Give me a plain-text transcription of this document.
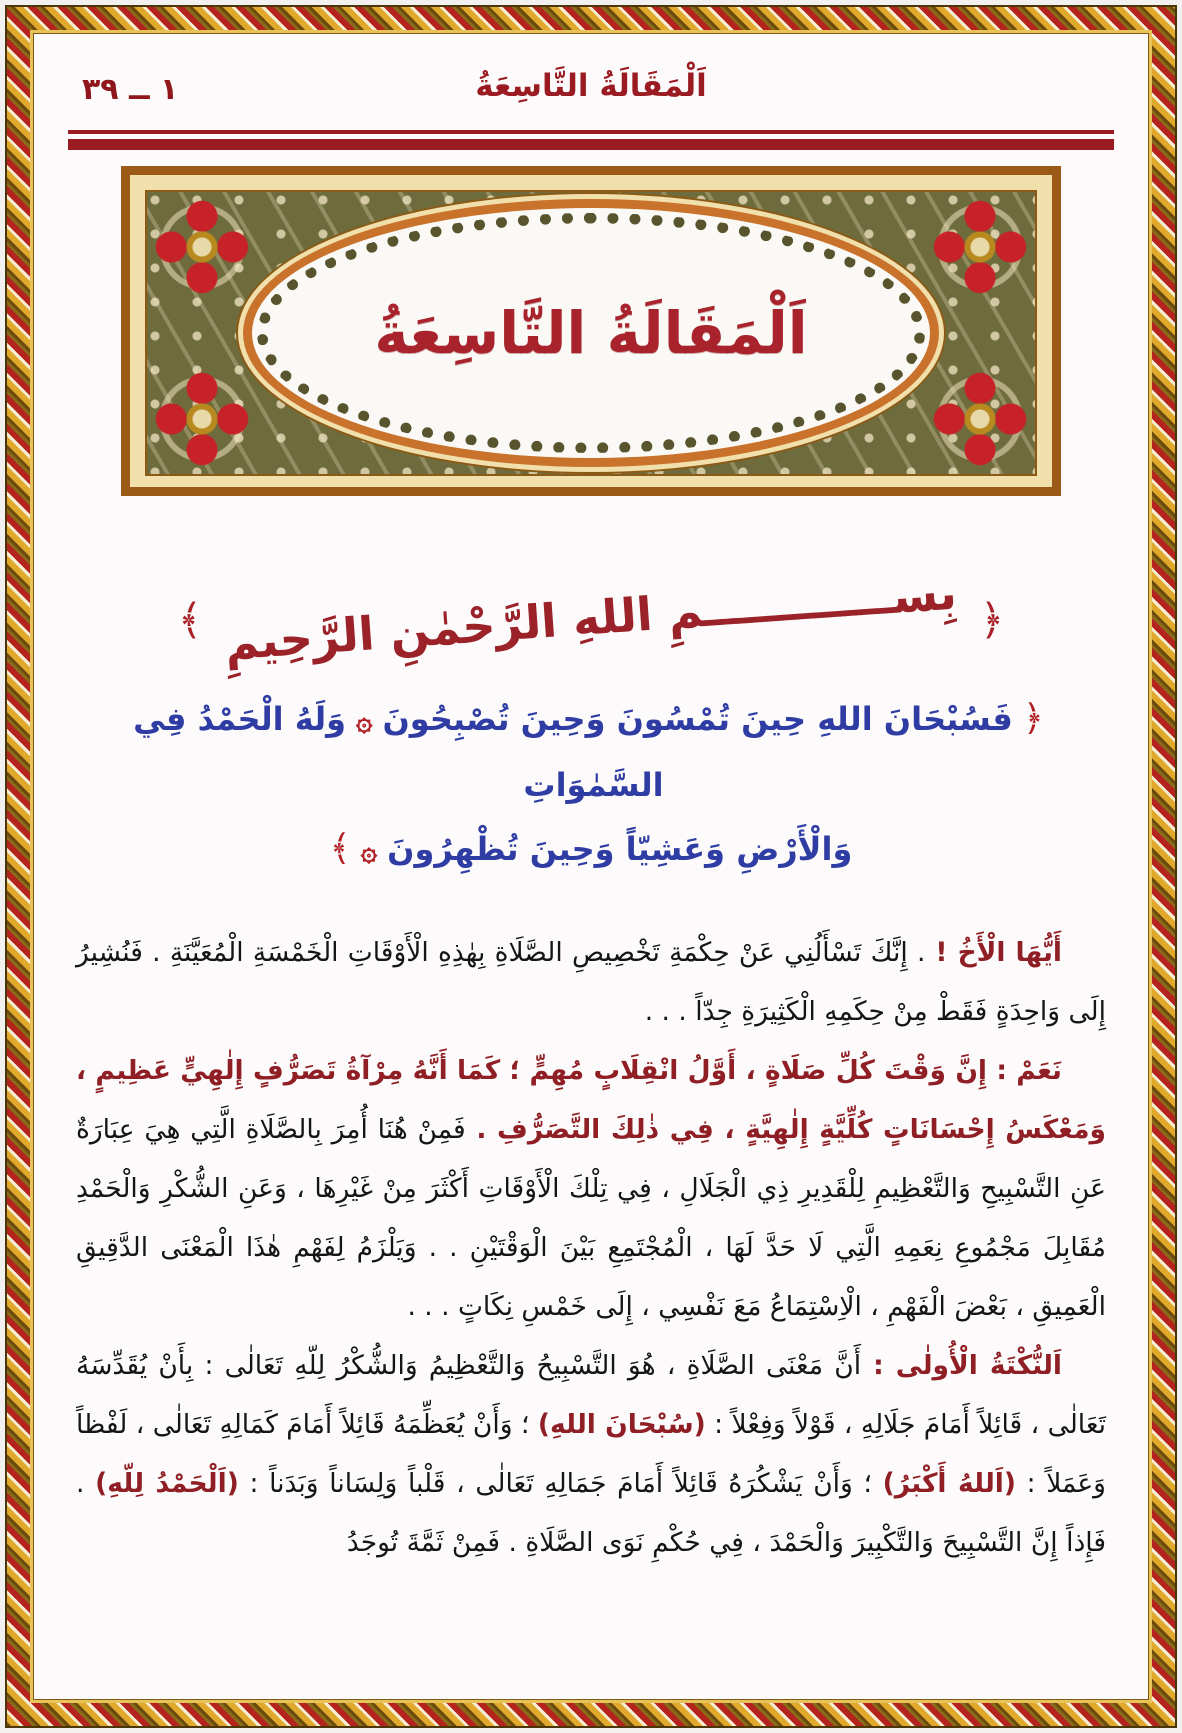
١ ــ ٣٩	اَلْمَقَالَةُ التَّاسِعَةُ
اَلْمَقَالَةُ التَّاسِعَةُ
﴿بِســــــــــــمِ اللهِ الرَّحْمٰنِ الرَّحِيمِ﴾
﴿فَسُبْحَانَ اللهِ حِينَ تُمْسُونَ وَحِينَ تُصْبِحُونَ۞وَلَهُ الْحَمْدُ فِي السَّمٰوَاتِ
وَالْأَرْضِ وَعَشِيّاً وَحِينَ تُظْهِرُونَ۞﴾

أَيُّهَا الْأَخُ ! . إِنَّكَ تَسْأَلُنِي عَنْ حِكْمَةِ تَخْصِيصِ الصَّلَاةِ بِهٰذِهِ الْأَوْقَاتِ الْخَمْسَةِ الْمُعَيَّنَةِ . فَنُشِيرُ إِلَى وَاحِدَةٍ فَقَطْ مِنْ حِكَمِهِ الْكَثِيرَةِ جِدّاً . . .

نَعَمْ : إِنَّ وَقْتَ كُلِّ صَلَاةٍ ، أَوَّلُ انْقِلَابٍ مُهِمٍّ ؛ كَمَا أَنَّهُ مِرْآةُ تَصَرُّفٍ إِلٰهِيٍّ عَظِيمٍ ، وَمَعْكَسُ إِحْسَانَاتٍ كُلِّيَّةٍ إِلٰهِيَّةٍ ، فِي ذٰلِكَ التَّصَرُّفِ . فَمِنْ هُنَا أُمِرَ بِالصَّلَاةِ الَّتِي هِيَ عِبَارَةٌ عَنِ التَّسْبِيحِ وَالتَّعْظِيمِ لِلْقَدِيرِ ذِي الْجَلَالِ ، فِي تِلْكَ الْأَوْقَاتِ أَكْثَرَ مِنْ غَيْرِهَا ، وَعَنِ الشُّكْرِ وَالْحَمْدِ مُقَابِلَ مَجْمُوعِ نِعَمِهِ الَّتِي لَا حَدَّ لَهَا ، الْمُجْتَمِعِ بَيْنَ الْوَقْتَيْنِ . . وَيَلْزَمُ لِفَهْمِ هٰذَا الْمَعْنَى الدَّقِيقِ الْعَمِيقِ ، بَعْضَ الْفَهْمِ ، الْاِسْتِمَاعُ مَعَ نَفْسِي ، إِلَى خَمْسِ نِكَاتٍ . . .

اَلنُّكْتَةُ الْأُولٰى : أَنَّ مَعْنَى الصَّلَاةِ ، هُوَ التَّسْبِيحُ وَالتَّعْظِيمُ وَالشُّكْرُ لِلّهِ تَعَالٰى : بِأَنْ يُقَدِّسَهُ تَعَالٰى ، قَائِلاً أَمَامَ جَلَالِهِ ، قَوْلاً وَفِعْلاً : (سُبْحَانَ اللهِ) ؛ وَأَنْ يُعَظِّمَهُ قَائِلاً أَمَامَ كَمَالِهِ تَعَالٰى ، لَفْظاً وَعَمَلاً : (اَللهُ أَكْبَرُ) ؛ وَأَنْ يَشْكُرَهُ قَائِلاً أَمَامَ جَمَالِهِ تَعَالٰى ، قَلْباً وَلِسَاناً وَبَدَناً : (اَلْحَمْدُ لِلّهِ) . فَإِذاً إِنَّ التَّسْبِيحَ وَالتَّكْبِيرَ وَالْحَمْدَ ، فِي حُكْمِ نَوَى الصَّلَاةِ . فَمِنْ ثَمَّةَ تُوجَدُ
